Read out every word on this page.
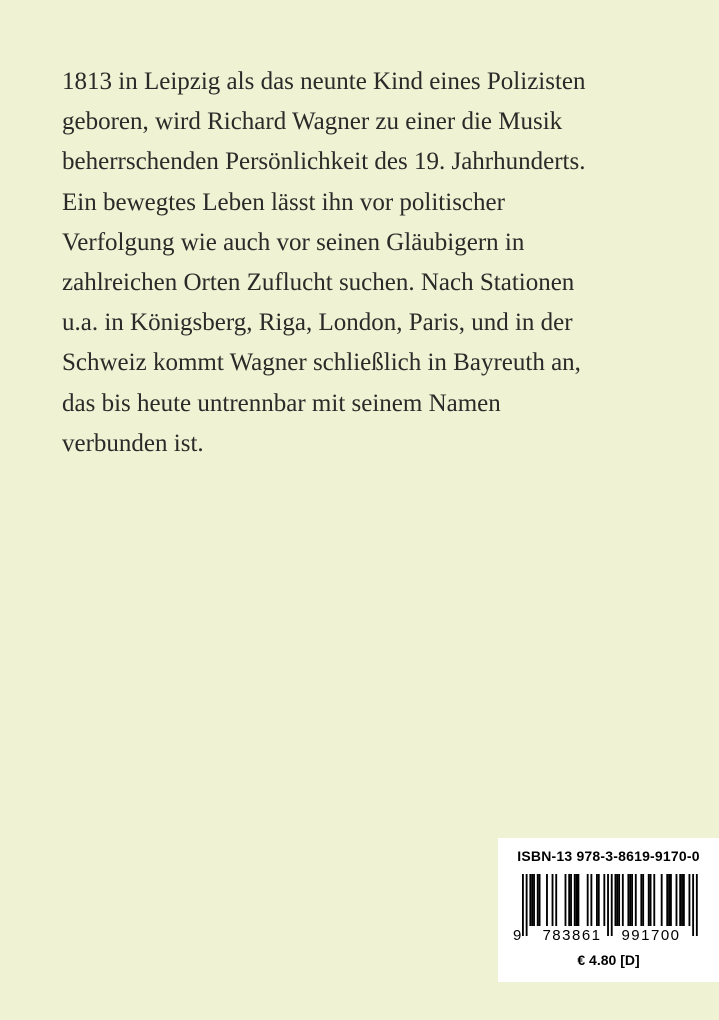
1813 in Leipzig als das neunte Kind eines Polizisten
geboren, wird Richard Wagner zu einer die Musik
beherrschenden Persönlichkeit des 19. Jahrhunderts.
Ein bewegtes Leben lässt ihn vor politischer
Verfolgung wie auch vor seinen Gläubigern in
zahlreichen Orten Zuflucht suchen. Nach Stationen
u.a. in Königsberg, Riga, London, Paris, und in der
Schweiz kommt Wagner schließlich in Bayreuth an,
das bis heute untrennbar mit seinem Namen
verbunden ist.
ISBN-13 978-3-8619-9170-0
9 783861 991700
€ 4.80 [D]
